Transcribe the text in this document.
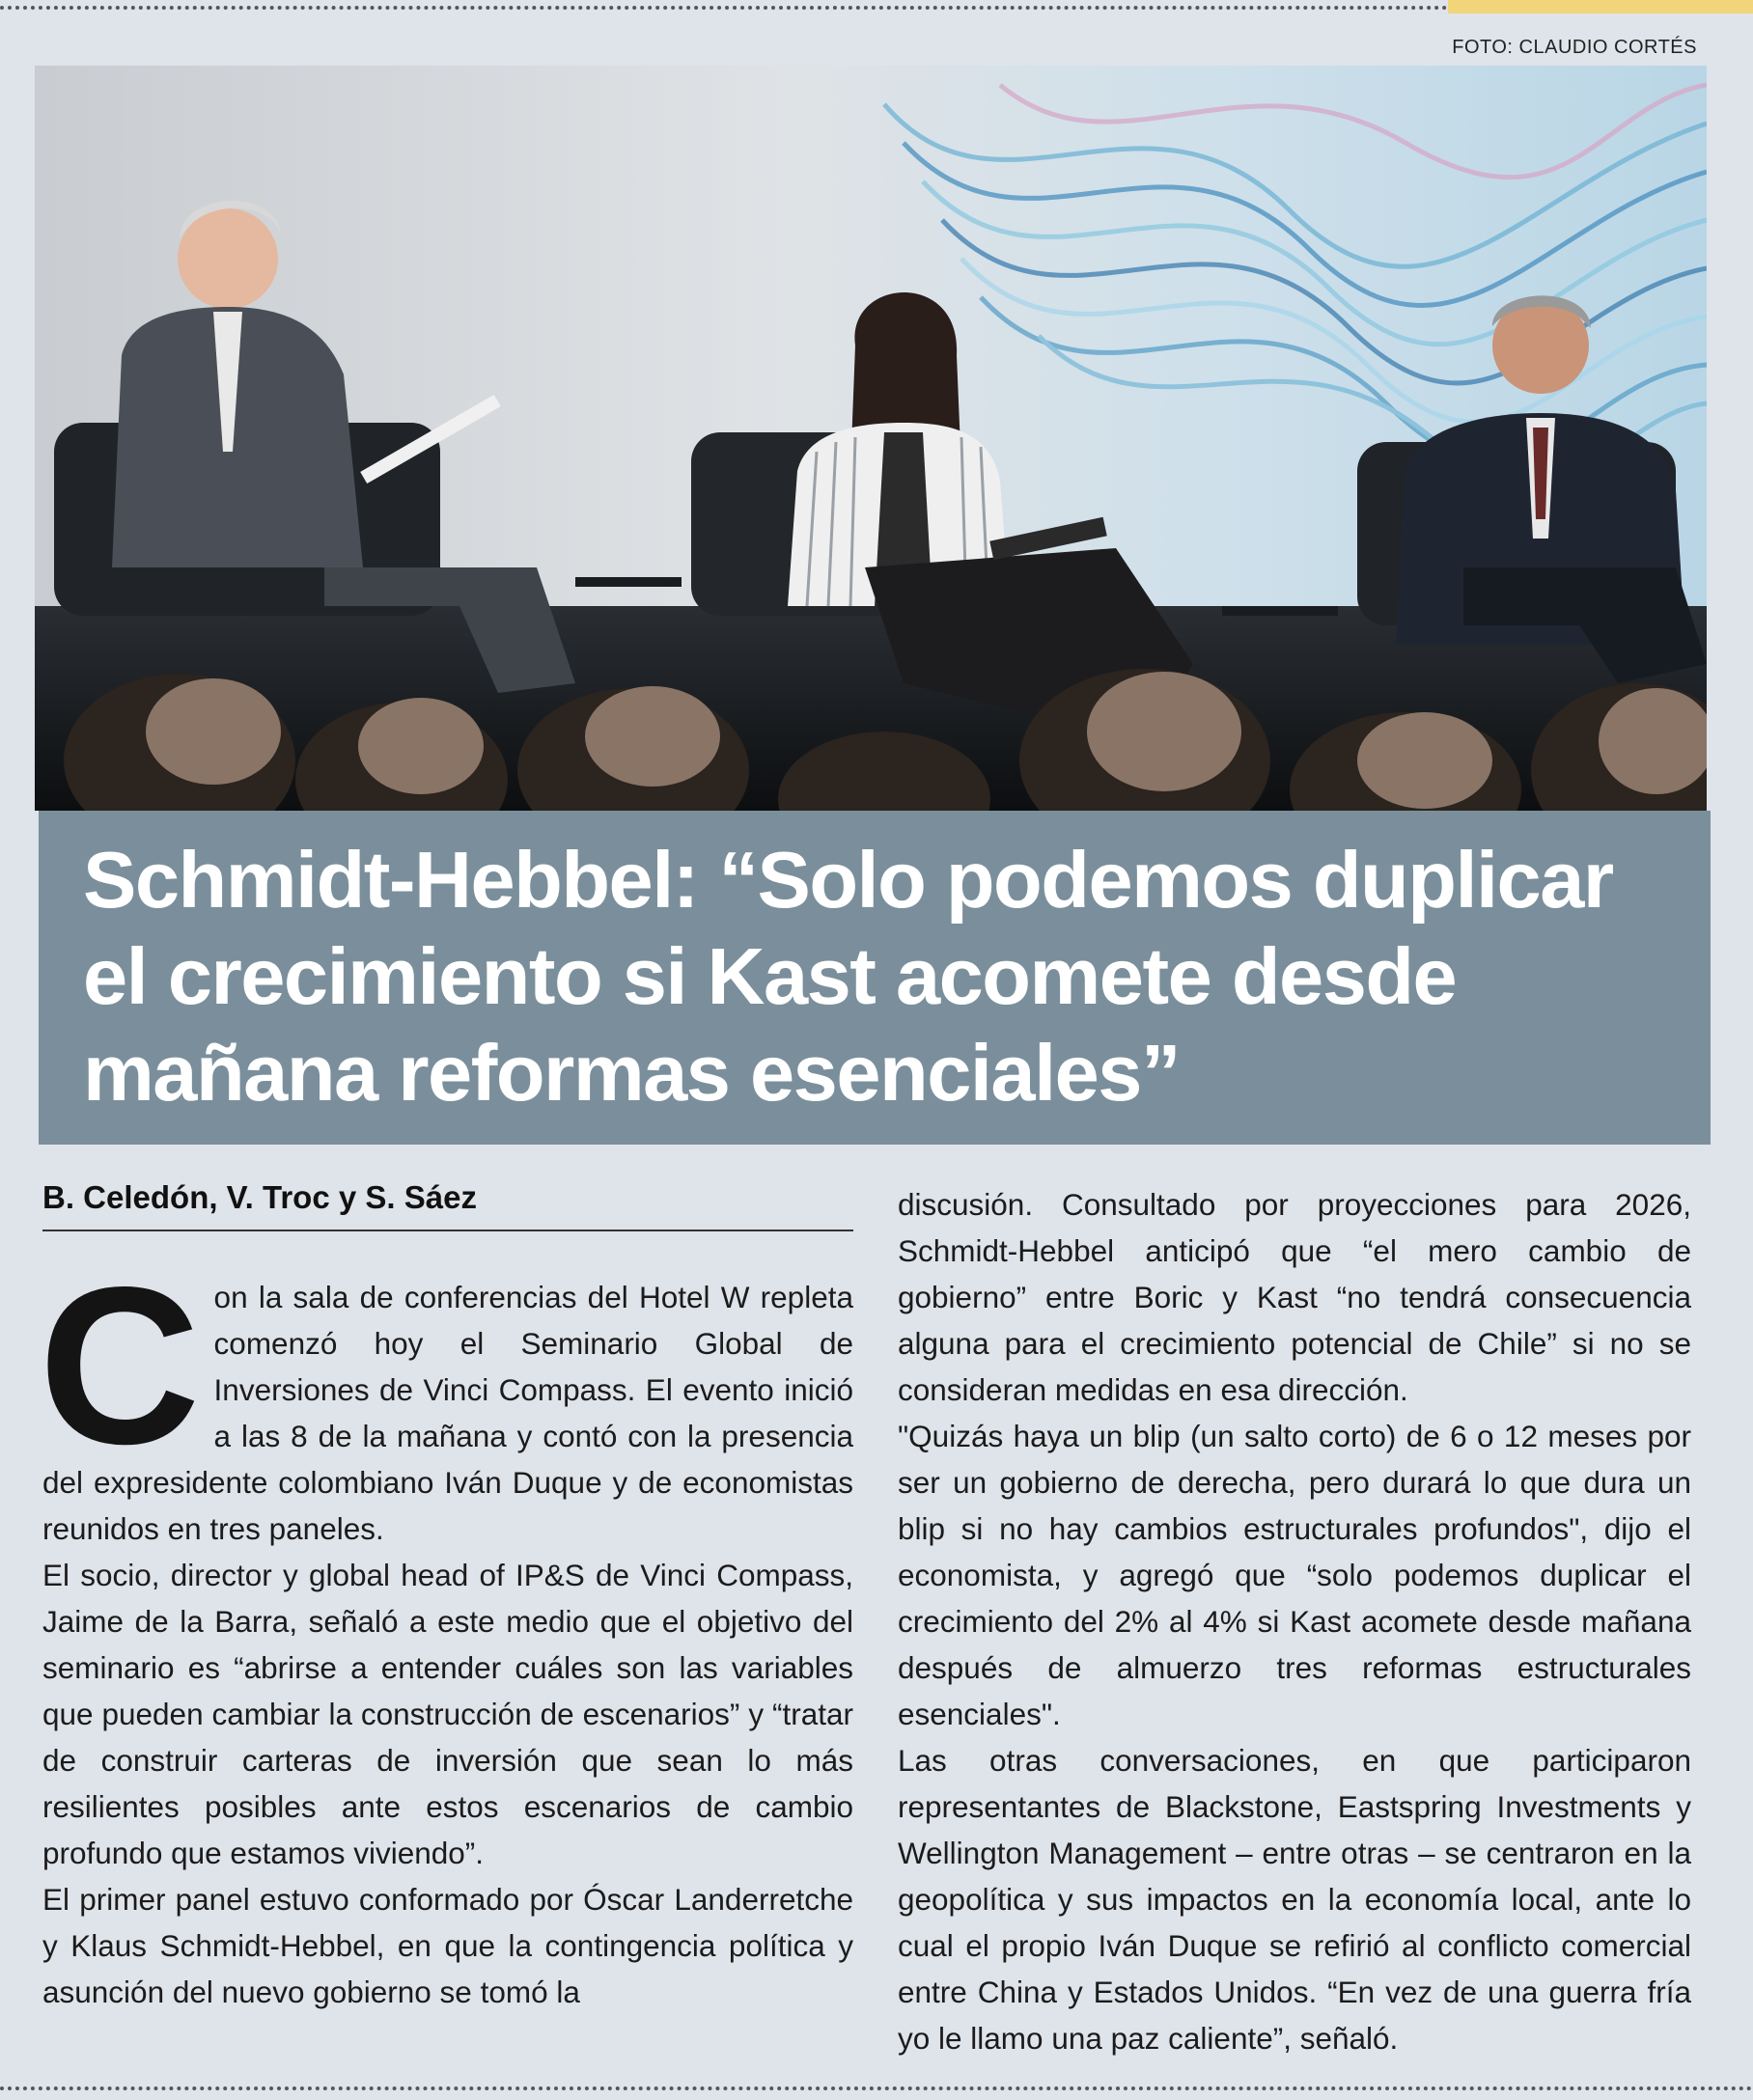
FOTO: CLAUDIO CORTÉS
Schmidt-Hebbel: “Solo podemos duplicar el crecimiento si Kast acomete desde mañana reformas esenciales”
B. Celedón, V. Troc y S. Sáez
C on la sala de conferencias del Hotel W repleta comenzó hoy el Seminario Global de Inversiones de Vinci Compass. El evento inició a las 8 de la mañana y contó con la presencia del expresidente colombiano Iván Duque y de economistas reunidos en tres paneles.

El socio, director y global head of IP&S de Vinci Compass, Jaime de la Barra, señaló a este medio que el objetivo del seminario es “abrirse a entender cuáles son las variables que pueden cambiar la construcción de escenarios” y “tratar de construir carteras de inversión que sean lo más resilientes posibles ante estos escenarios de cambio profundo que estamos viviendo”.

El primer panel estuvo conformado por Óscar Landerretche y Klaus Schmidt-Hebbel, en que la contingencia política y asunción del nuevo gobierno se tomó la

discusión. Consultado por proyecciones para 2026, Schmidt-Hebbel anticipó que “el mero cambio de gobierno” entre Boric y Kast “no tendrá consecuencia alguna para el crecimiento potencial de Chile” si no se consideran medidas en esa dirección.

"Quizás haya un blip (un salto corto) de 6 o 12 meses por ser un gobierno de derecha, pero durará lo que dura un blip si no hay cambios estructurales profundos", dijo el economista, y agregó que “solo podemos duplicar el crecimiento del 2% al 4% si Kast acomete desde mañana después de almuerzo tres reformas estructurales esenciales".

Las otras conversaciones, en que participaron representantes de Blackstone, Eastspring Investments y Wellington Management – entre otras – se centraron en la geopolítica y sus impactos en la economía local, ante lo cual el propio Iván Duque se refirió al conflicto comercial entre China y Estados Unidos. “En vez de una guerra fría yo le llamo una paz caliente”, señaló.
